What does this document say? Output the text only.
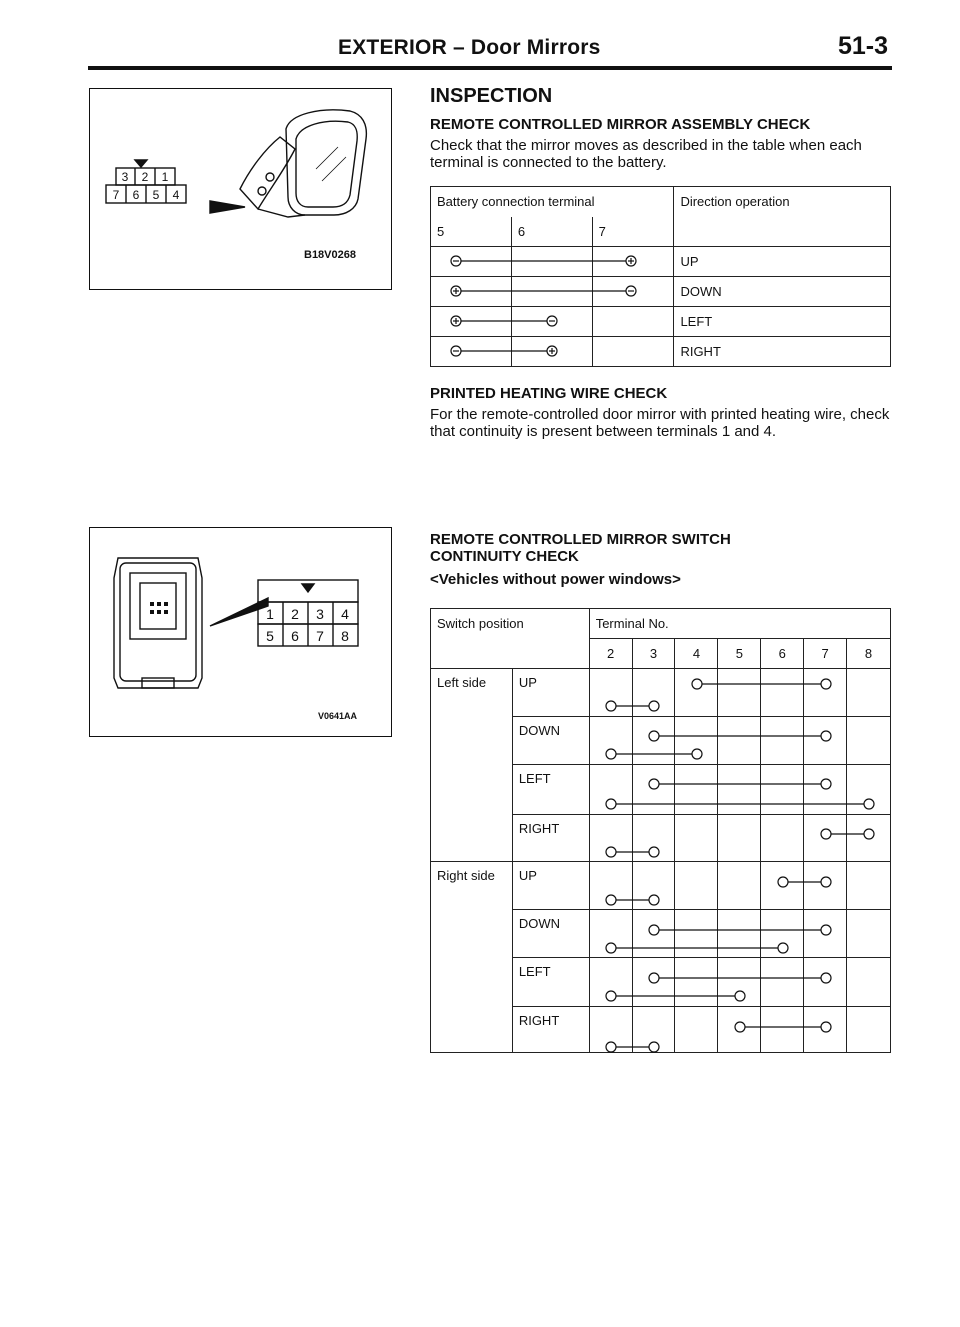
EXTERIOR – Door Mirrors	51-3
3 2 1
7 6 5 4
B18V0268
1 2 3 4
5 6 7 8
V0641AA
INSPECTION
REMOTE CONTROLLED MIRROR ASSEMBLY CHECK
Check that the mirror moves as described in the table when each terminal is connected to the battery.
Battery connection terminal			Direction operation
5	6	7	
			UP
			DOWN
			LEFT
			RIGHT
PRINTED HEATING WIRE CHECK
For the remote-controlled door mirror with printed heating wire, check that continuity is present between terminals 1 and 4.
REMOTE CONTROLLED MIRROR SWITCH
CONTINUITY CHECK
<Vehicles without power windows>
Switch position		Terminal No.						
		2	3	4	5	6	7	8
Left side	UP							
	DOWN							
	LEFT							
	RIGHT							
Right side	UP							
	DOWN							
	LEFT							
	RIGHT							
